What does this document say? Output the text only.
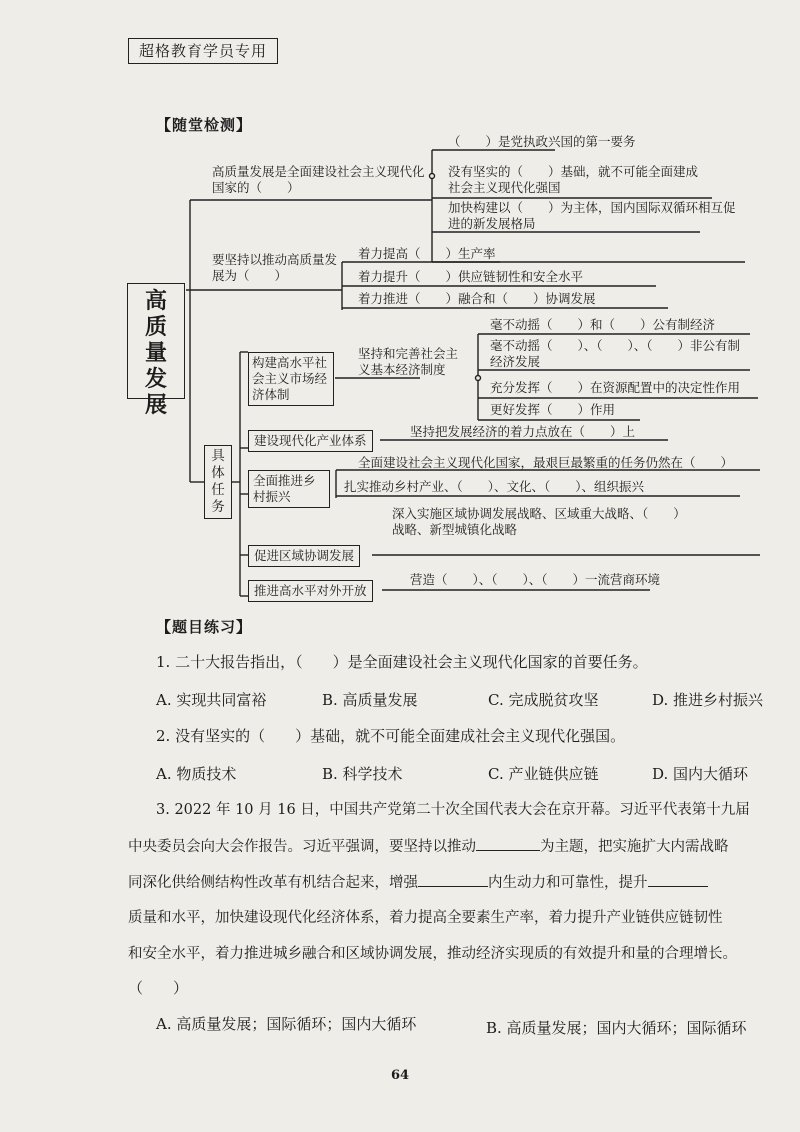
超格教育学员专用
【随堂检测】
高质量发展
高质量发展是全面建设社会主义现代化国家的（　　）
（　　）是党执政兴国的第一要务
没有坚实的（　　）基础，就不可能全面建成社会主义现代化强国
加快构建以（　　）为主体，国内国际双循环相互促进的新发展格局
要坚持以推动高质量发展为（　　）
着力提高（　　）生产率
着力提升（　　）供应链韧性和安全水平
着力推进（　　）融合和（　　）协调发展
具体任务
构建高水平社会主义市场经济体制
坚持和完善社会主义基本经济制度
毫不动摇（　　）和（　　）公有制经济
毫不动摇（　　）、（　　）、（　　）非公有制经济发展
充分发挥（　　）在资源配置中的决定性作用
更好发挥（　　）作用
建设现代化产业体系
坚持把发展经济的着力点放在（　　）上
全面推进乡村振兴
全面建设社会主义现代化国家，最艰巨最繁重的任务仍然在（　　）
扎实推动乡村产业、（　　）、文化、（　　）、组织振兴
促进区域协调发展
深入实施区域协调发展战略、区域重大战略、（　　）战略、新型城镇化战略
推进高水平对外开放
营造（　　）、（　　）、（　　）一流营商环境
【题目练习】
1. 二十大报告指出，（　　）是全面建设社会主义现代化国家的首要任务。
A. 实现共同富裕	B. 高质量发展	C. 完成脱贫攻坚	D. 推进乡村振兴
2. 没有坚实的（　　）基础，就不可能全面建成社会主义现代化强国。
A. 物质技术	B. 科学技术	C. 产业链供应链	D. 国内大循环
3. 2022 年 10 月 16 日，中国共产党第二十次全国代表大会在京开幕。习近平代表第十九届
中央委员会向大会作报告。习近平强调，要坚持以推动	为主题，把实施扩大内需战略
同深化供给侧结构性改革有机结合起来，增强	内生动力和可靠性，提升
质量和水平，加快建设现代化经济体系，着力提高全要素生产率，着力提升产业链供应链韧性
和安全水平，着力推进城乡融合和区域协调发展，推动经济实现质的有效提升和量的合理增长。
（　　）
A. 高质量发展；国际循环；国内大循环	B. 高质量发展；国内大循环；国际循环
64
